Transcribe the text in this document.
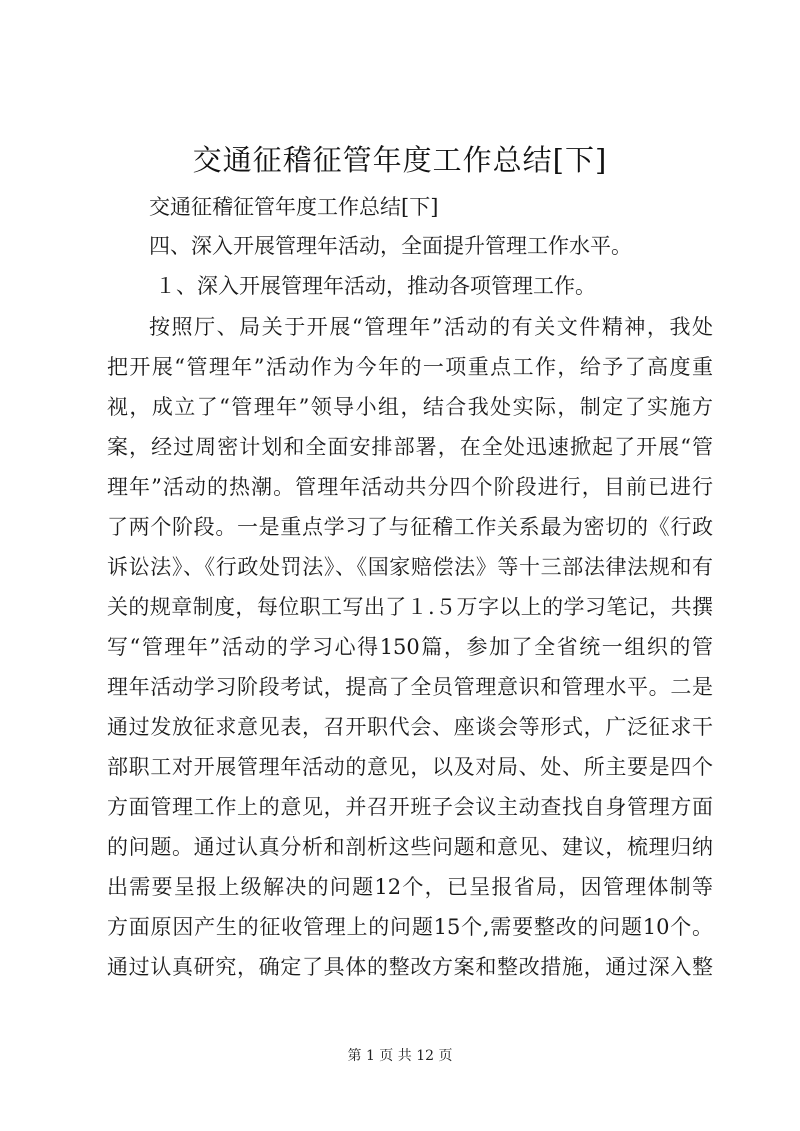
交通征稽征管年度工作总结[下]

交通征稽征管年度工作总结[下]

四、深入开展管理年活动，全面提升管理工作水平。

１、深入开展管理年活动，推动各项管理工作。

按照厅、局关于开展“管理年”活动的有关文件精神，我处

把开展“管理年”活动作为今年的一项重点工作，给予了高度重

视，成立了“管理年”领导小组，结合我处实际，制定了实施方

案，经过周密计划和全面安排部署，在全处迅速掀起了开展“管

理年”活动的热潮。管理年活动共分四个阶段进行，目前已进行

了两个阶段。一是重点学习了与征稽工作关系最为密切的《行政

诉讼法》、《行政处罚法》、《国家赔偿法》等十三部法律法规和有

关的规章制度，每位职工写出了１.５万字以上的学习笔记，共撰

写“管理年”活动的学习心得150篇，参加了全省统一组织的管

理年活动学习阶段考试，提高了全员管理意识和管理水平。二是

通过发放征求意见表，召开职代会、座谈会等形式，广泛征求干

部职工对开展管理年活动的意见，以及对局、处、所主要是四个

方面管理工作上的意见，并召开班子会议主动查找自身管理方面

的问题。通过认真分析和剖析这些问题和意见、建议，梳理归纳

出需要呈报上级解决的问题12个，已呈报省局，因管理体制等

方面原因产生的征收管理上的问题15个,需要整改的问题10个。

通过认真研究，确定了具体的整改方案和整改措施，通过深入整

第 1 页 共 12 页
